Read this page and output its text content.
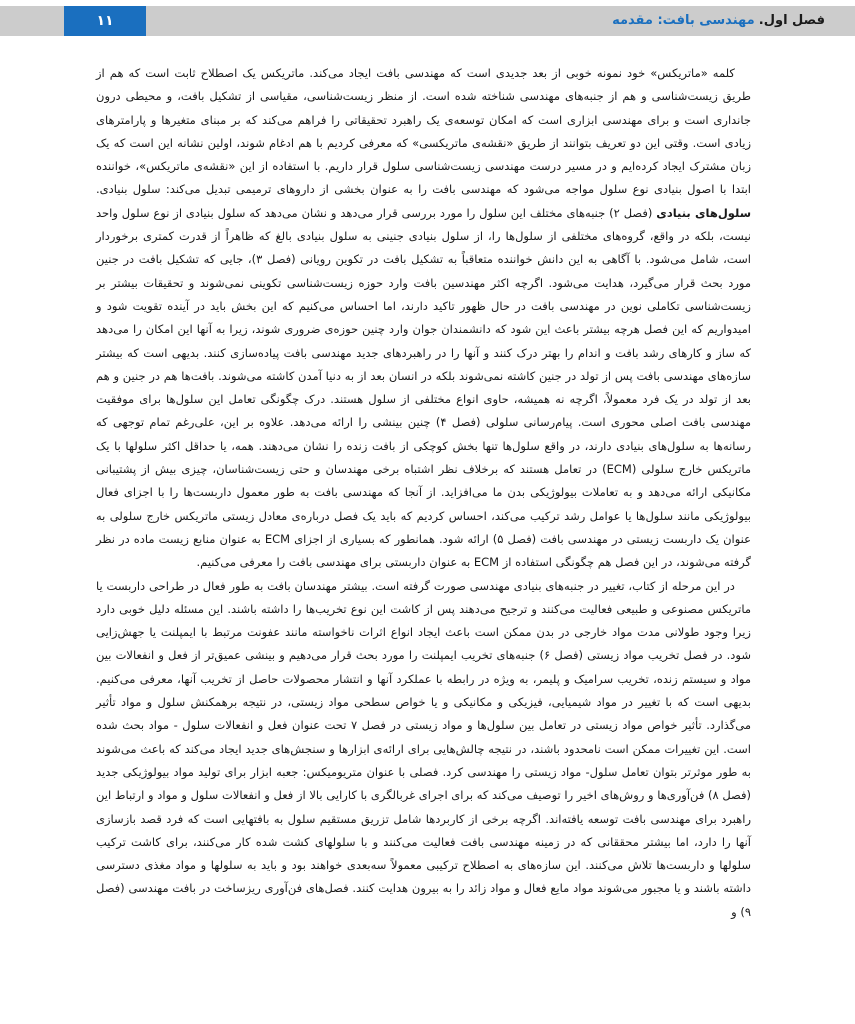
۱۱	فصل اول. مهندسی بافت: مقدمه

کلمه «ماتریکس» خود نمونه خوبی از بعد جدیدی است که مهندسی بافت ایجاد می‌کند. ماتریکس یک اصطلاح ثابت است که هم از طریق زیست‌شناسی و هم از جنبه‌های مهندسی شناخته شده است. از منظر زیست‌شناسی، مقیاسی از تشکیل بافت، و محیطی درون جانداری است و برای مهندسی ابزاری است که امکان توسعه‌ی یک راهبرد تحقیقاتی را فراهم می‌کند که بر مبنای متغیرها و پارامترهای زیادی است. وقتی این دو تعریف بتوانند از طریق «نقشه‌ی ماتریکسی» که معرفی کردیم با هم ادغام شوند، اولین نشانه این است که یک زبان مشترک ایجاد کرده‌ایم و در مسیر درست مهندسی زیست‌شناسی سلول قرار داریم. با استفاده از این «نقشه‌ی ماتریکس»، خواننده ابتدا با اصول بنیادی نوع سلول مواجه می‌شود که مهندسی بافت را به عنوان بخشی از داروهای ترمیمی تبدیل می‌کند: سلول بنیادی. سلول‌های بنیادی (فصل ۲) جنبه‌های مختلف این سلول را مورد بررسی قرار می‌دهد و نشان می‌دهد که سلول بنیادی از نوع سلول واحد نیست، بلکه در واقع، گروه‌های مختلفی از سلول‌ها را، از سلول بنیادی جنینی به سلول بنیادی بالغ که ظاهراً از قدرت کمتری برخوردار است، شامل می‌شود. با آگاهی به این دانش خواننده متعاقباً به تشکیل بافت در تکوین رویانی (فصل ۳)، جایی که تشکیل بافت در جنین مورد بحث قرار می‌گیرد، هدایت می‌شود. اگرچه اکثر مهندسین بافت وارد حوزه زیست‌شناسی تکوینی نمی‌شوند و تحقیقات بیشتر بر زیست‌شناسی تکاملی نوین در مهندسی بافت در حال ظهور تاکید دارند، اما احساس می‌کنیم که این بخش باید در آینده تقویت شود و امیدواریم که این فصل هرچه بیشتر باعث این شود که دانشمندان جوان وارد چنین حوزه‌ی ضروری شوند، زیرا به آنها این امکان را می‌دهد که ساز و کارهای رشد بافت و اندام را بهتر درک کنند و آنها را در راهبردهای جدید مهندسی بافت پیاده‌سازی کنند. بدیهی است که بیشتر سازه‌های مهندسی بافت پس از تولد در جنین کاشته نمی‌شوند بلکه در انسان بعد از به دنیا آمدن کاشته می‌شوند. بافت‌ها هم در جنین و هم بعد از تولد در یک فرد معمولاً، اگرچه نه همیشه، حاوی انواع مختلفی از سلول هستند. درک چگونگی تعامل این سلول‌ها برای موفقیت مهندسی بافت اصلی محوری است. پیام‌رسانی سلولی (فصل ۴) چنین بینشی را ارائه می‌دهد. علاوه بر این، علی‌رغم تمام توجهی که رسانه‌ها به سلول‌های بنیادی دارند، در واقع سلول‌ها تنها بخش کوچکی از بافت زنده را نشان می‌دهند. همه، یا حداقل اکثر سلولها با یک ماتریکس خارج سلولی (ECM) در تعامل هستند که برخلاف نظر اشتباه برخی مهندسان و حتی زیست‌شناسان، چیزی بیش از پشتیبانی مکانیکی ارائه می‌دهد و به تعاملات بیولوژیکی بدن ما می‌افزاید. از آنجا که مهندسی بافت به طور معمول داربست‌ها را با اجزای فعال بیولوژیکی مانند سلول‌ها یا عوامل رشد ترکیب می‌کند، احساس کردیم که باید یک فصل درباره‌ی معادل زیستی ماتریکس خارج سلولی به عنوان یک داربست زیستی در مهندسی بافت (فصل ۵) ارائه شود. همانطور که بسیاری از اجزای ECM به عنوان منابع زیست ماده در نظر گرفته می‌شوند، در این فصل هم چگونگی استفاده از ECM به عنوان داربستی برای مهندسی بافت را معرفی می‌کنیم.

در این مرحله از کتاب، تغییر در جنبه‌های بنیادی مهندسی صورت گرفته است. بیشتر مهندسان بافت به طور فعال در طراحی داربست یا ماتریکس مصنوعی و طبیعی فعالیت می‌کنند و ترجیح می‌دهند پس از کاشت این نوع تخریب‌ها را داشته باشند. این مسئله دلیل خوبی دارد زیرا وجود طولانی مدت مواد خارجی در بدن ممکن است باعث ایجاد انواع اثرات ناخواسته مانند عفونت مرتبط با ایمپلنت یا جهش‌زایی شود. در فصل تخریب مواد زیستی (فصل ۶) جنبه‌های تخریب ایمپلنت را مورد بحث قرار می‌دهیم و بینشی عمیق‌تر از فعل و انفعالات بین مواد و سیستم زنده، تخریب سرامیک و پلیمر، به ویژه در رابطه با عملکرد آنها و انتشار محصولات حاصل از تخریب آنها، معرفی می‌کنیم. بدیهی است که با تغییر در مواد شیمیایی، فیزیکی و مکانیکی و یا خواص سطحی مواد زیستی، در نتیجه برهمکنش سلول و مواد تأثیر می‌گذارد. تأثیر خواص مواد زیستی در تعامل بین سلول‌ها و مواد زیستی در فصل ۷ تحت عنوان فعل و انفعالات سلول - مواد بحث شده است. این تغییرات ممکن است نامحدود باشند، در نتیجه چالش‌هایی برای ارائه‌ی ابزارها و سنجش‌های جدید ایجاد می‌کند که باعث می‌شوند به طور موثرتر بتوان تعامل سلول- مواد زیستی را مهندسی کرد. فصلی با عنوان متریومیکس: جعبه ابزار برای تولید مواد بیولوژیکی جدید (فصل ۸) فن‌آوری‌ها و روش‌های اخیر را توصیف می‌کند که برای اجرای غربالگری با کارایی بالا از فعل و انفعالات سلول و مواد و ارتباط این راهبرد برای مهندسی بافت توسعه یافته‌اند. اگرچه برخی از کاربردها شامل تزریق مستقیم سلول به بافتهایی است که فرد قصد بازسازی آنها را دارد، اما بیشتر محققانی که در زمینه مهندسی بافت فعالیت می‌کنند و با سلولهای کشت شده کار می‌کنند، برای کاشت ترکیب سلولها و داربست‌ها تلاش می‌کنند. این سازه‌های به اصطلاح ترکیبی معمولاً سه‌بعدی خواهند بود و باید به سلولها و مواد مغذی دسترسی داشته باشند و یا مجبور می‌شوند مواد مایع فعال و مواد زائد را به بیرون هدایت کنند. فصل‌های فن‌آوری ریزساخت در بافت مهندسی (فصل ۹) و
